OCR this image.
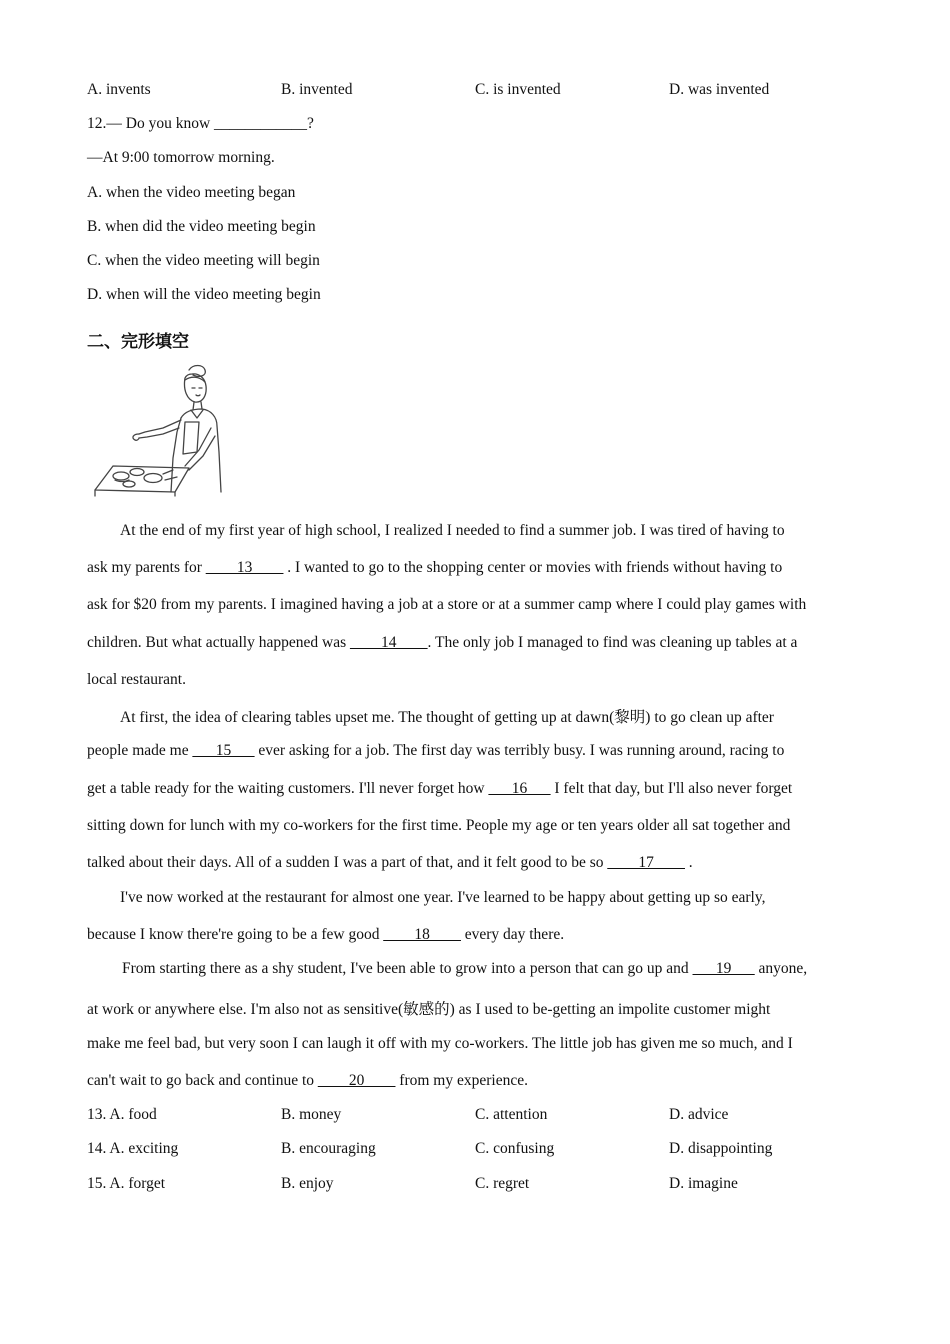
A. invents	B. invented	C. is invented	D. was invented
12.— Do you know ____________?
—At 9:00 tomorrow morning.
A. when the video meeting began
B. when did the video meeting begin
C. when the video meeting will begin
D. when will the video meeting begin
二、完形填空
At the end of my first year of high school, I realized I needed to find a summer job. I was tired of having to
ask my parents for ____13____ . I wanted to go to the shopping center or movies with friends without having to
ask for $20 from my parents. I imagined having a job at a store or at a summer camp where I could play games with
children. But what actually happened was ____14____. The only job I managed to find was cleaning up tables at a
local restaurant.
At first, the idea of clearing tables upset me. The thought of getting up at dawn(黎明) to go clean up after
people made me ___15___ ever asking for a job. The first day was terribly busy. I was running around, racing to
get a table ready for the waiting customers. I'll never forget how ___16___ I felt that day, but I'll also never forget
sitting down for lunch with my co-workers for the first time. People my age or ten years older all sat together and
talked about their days. All of a sudden I was a part of that, and it felt good to be so ____17____ .
I've now worked at the restaurant for almost one year. I've learned to be happy about getting up so early,
because I know there're going to be a few good ____18____ every day there.
From starting there as a shy student, I've been able to grow into a person that can go up and ___19___ anyone,
at work or anywhere else. I'm also not as sensitive(敏感的) as I used to be-getting an impolite customer might
make me feel bad, but very soon I can laugh it off with my co-workers. The little job has given me so much, and I
can't wait to go back and continue to ____20____ from my experience.
13. A. food	B. money	C. attention	D. advice
14. A. exciting	B. encouraging	C. confusing	D. disappointing
15. A. forget	B. enjoy	C. regret	D. imagine
